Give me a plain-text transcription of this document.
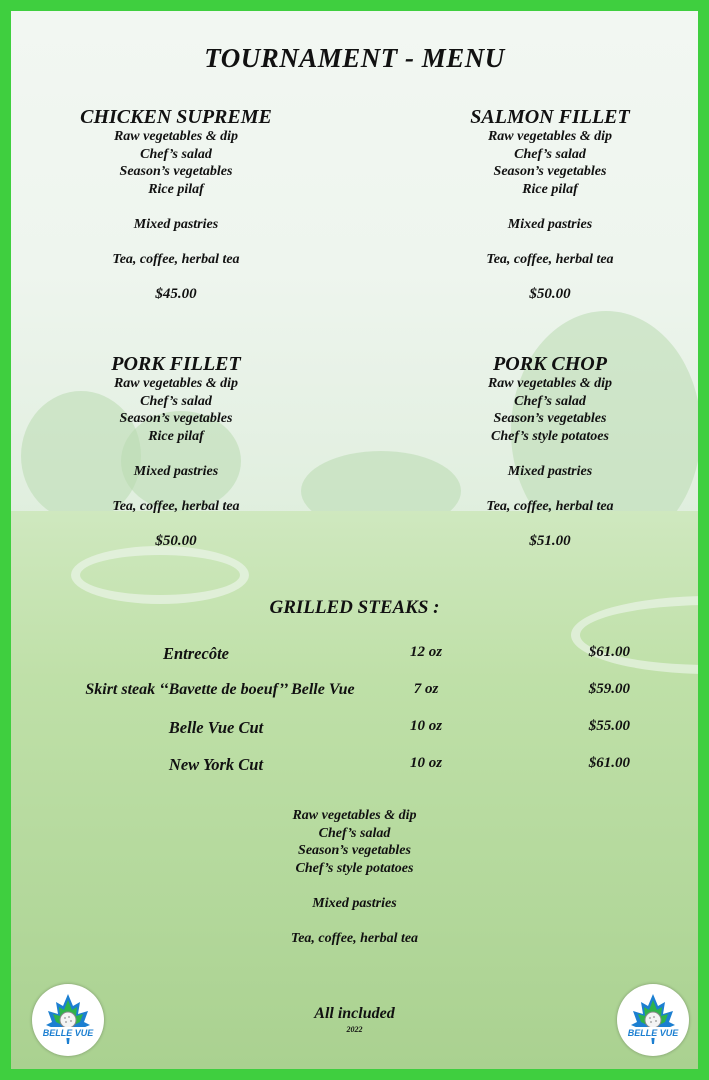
TOURNAMENT - MENU
CHICKEN SUPREME
Raw vegetables & dip
Chef’s salad
Season’s vegetables
Rice pilaf
Mixed pastries
Tea, coffee, herbal tea
$45.00
SALMON FILLET
Raw vegetables & dip
Chef’s salad
Season’s vegetables
Rice pilaf
Mixed pastries
Tea, coffee, herbal tea
$50.00
PORK FILLET
Raw vegetables & dip
Chef’s salad
Season’s vegetables
Rice pilaf
Mixed pastries
Tea, coffee, herbal tea
$50.00
PORK CHOP
Raw vegetables & dip
Chef’s salad
Season’s vegetables
Chef’s style potatoes
Mixed pastries
Tea, coffee, herbal tea
$51.00
GRILLED STEAKS :
Entrecôte	12 oz	$61.00
Skirt steak ‘‘Bavette de boeuf’’ Belle Vue	7 oz	$59.00
Belle Vue Cut	10 oz	$55.00
New York Cut	10 oz	$61.00
Raw vegetables & dip
Chef’s salad
Season’s vegetables
Chef’s style potatoes
Mixed pastries
Tea, coffee, herbal tea
All included
2022
BELLE VUE	BELLE VUE
